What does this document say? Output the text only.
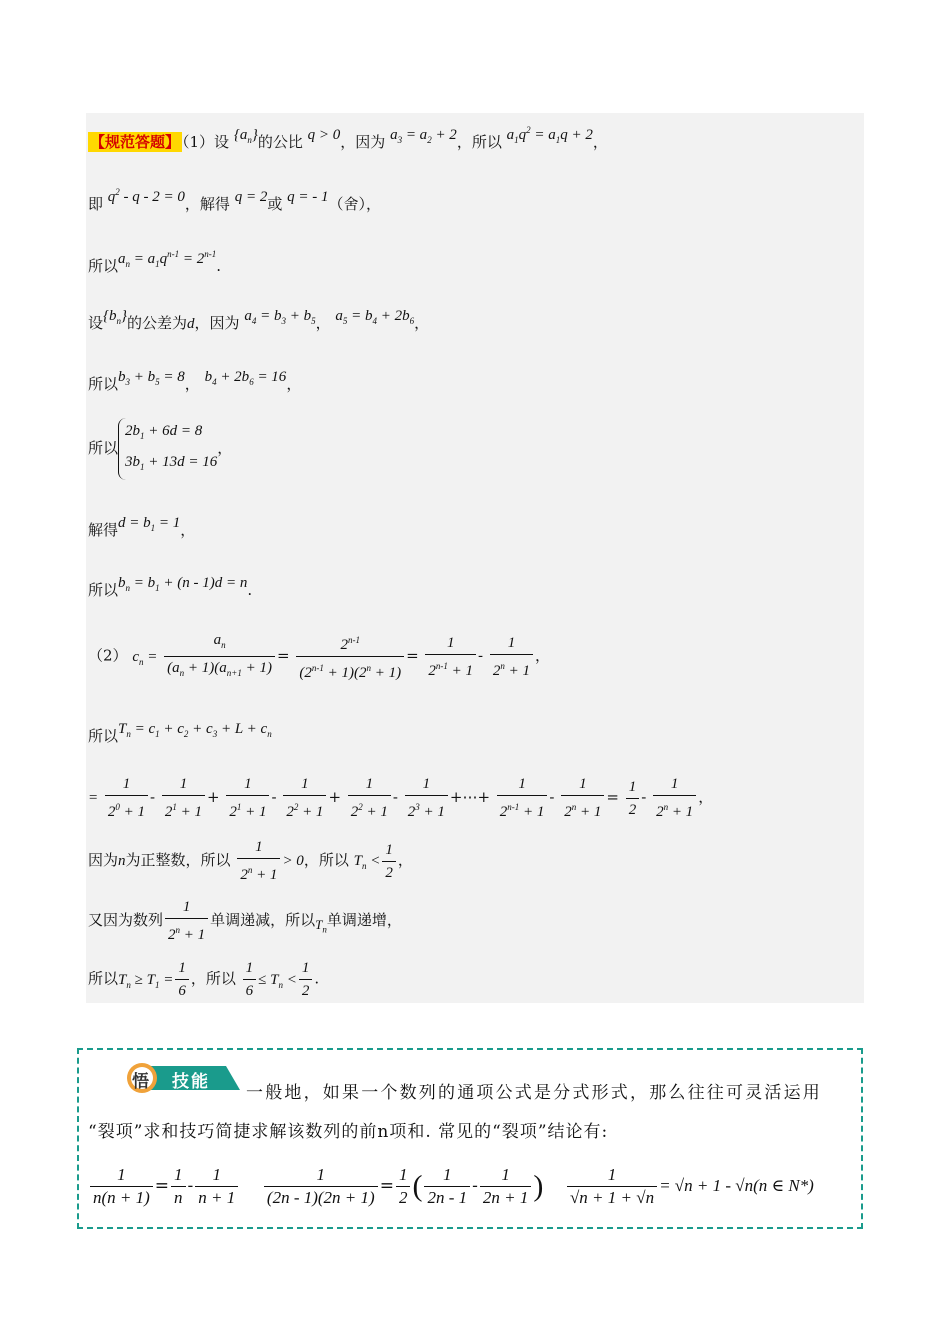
【规范答题】 （1）设 $\{a_n\}$的公比 q > 0，因为 $a_3 = a_2 + 2$，所以 $a_1q^2 = a_1q + 2$，
即 $q^2 - q - 2 = 0$，解得 q = 2或 q = - 1（舍），
所以$a_n = a_1q^{n-1} = 2^{n-1}$.
设$\{b_n\}$的公差为d，因为 $a_4 = b_3 + b_5$， $a_5 = b_4 + 2b_6$，
所以$b_3 + b_5 = 8$， $b_4 + 2b_6 = 16$，
所以
$2b_1 + 6d = 8$
$3b_1 + 13d = 16$
，
解得$d = b_1 = 1$，
所以$b_n = b_1 + (n - 1)d = n$.
（2） $c_n = \frac{a_n}{(a_n + 1)(a_{n+1} + 1)} = \frac{2^{n-1}}{(2^{n-1} + 1)(2^n + 1)} = \frac{1}{2^{n-1} + 1} - \frac{1}{2^n + 1}$ ，
所以$T_n = c_1 + c_2 + c_3 + L + c_n$
= $\frac{1}{2^0 + 1} - \frac{1}{2^1 + 1} + \frac{1}{2^1 + 1} - \frac{1}{2^2 + 1} + \frac{1}{2^2 + 1} - \frac{1}{2^3 + 1}$ +⋯+ $\frac{1}{2^{n-1} + 1} - \frac{1}{2^n + 1} = \frac{1}{2} - \frac{1}{2^n + 1}$ ，
因为n为正整数，所以 $\frac{1}{2^n + 1} > 0$，所以 $T_n < \frac{1}{2}$ ，
又因为数列 $\frac{1}{2^n + 1}$ 单调递减，所以$T_n$单调递增，
所以$T_n \ge T_1 = \frac{1}{6}$ ，所以 $\frac{1}{6} \le T_n < \frac{1}{2}$ .
悟 技能
一般地，如果一个数列的通项公式是分式形式，那么往往可灵活运用
“裂项”求和技巧简捷求解该数列的前n项和. 常见的“裂项”结论有:
$\frac{1}{n(n + 1)} = \frac{1}{n} - \frac{1}{n + 1}$
$\frac{1}{(2n - 1)(2n + 1)} = \frac{1}{2}$ ( $\frac{1}{2n - 1} - \frac{1}{2n + 1}$ ) $\frac{1}{√n + 1 + √n} = √n + 1 - √n(n$ ∈ N*)
